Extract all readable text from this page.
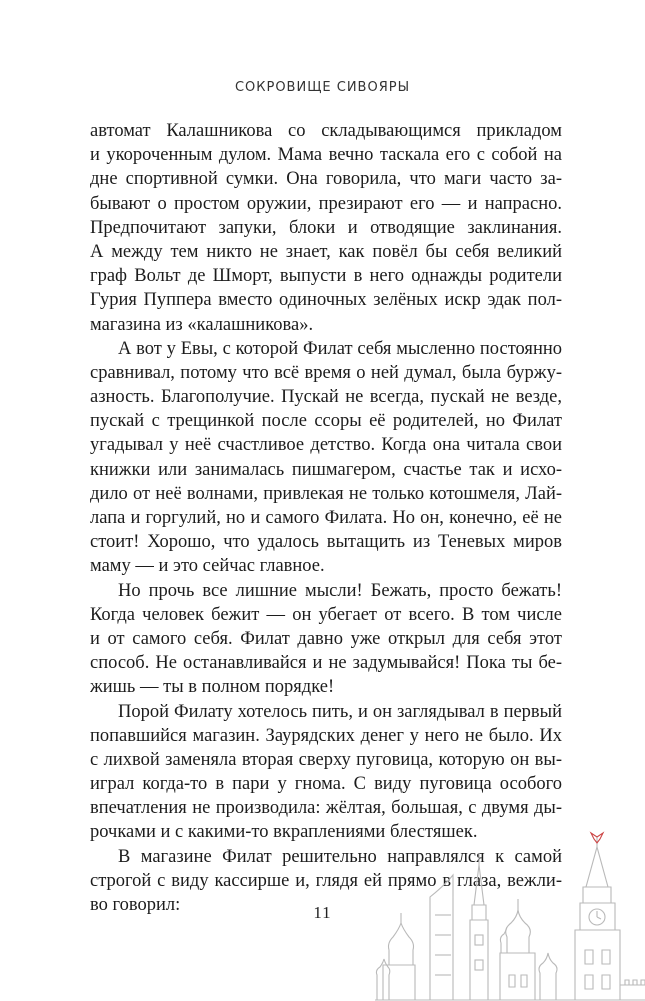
СОКРОВИЩЕ СИВОЯРЫ
автомат Калашникова со складывающимся прикладом
и укороченным дулом. Мама вечно таскала его с собой на
дне спортивной сумки. Она говорила, что маги часто за-
бывают о простом оружии, презирают его — и напрасно.
Предпочитают запуки, блоки и отводящие заклинания.
А между тем никто не знает, как повёл бы себя великий
граф Вольт де Шморт, выпусти в него однажды родители
Гурия Пуппера вместо одиночных зелёных искр эдак пол-
магазина из «калашникова».
А вот у Евы, с которой Филат себя мысленно постоянно
сравнивал, потому что всё время о ней думал, была буржу-
азность. Благополучие. Пускай не всегда, пускай не везде,
пускай с трещинкой после ссоры её родителей, но Филат
угадывал у неё счастливое детство. Когда она читала свои
книжки или занималась пишмагером, счастье так и исхо-
дило от неё волнами, привлекая не только котошмеля, Лай-
лапа и горгулий, но и самого Филата. Но он, конечно, её не
стоит! Хорошо, что удалось вытащить из Теневых миров
маму — и это сейчас главное.
Но прочь все лишние мысли! Бежать, просто бежать!
Когда человек бежит — он убегает от всего. В том числе
и от самого себя. Филат давно уже открыл для себя этот
способ. Не останавливайся и не задумывайся! Пока ты бе-
жишь — ты в полном порядке!
Порой Филату хотелось пить, и он заглядывал в первый
попавшийся магазин. Заурядских денег у него не было. Их
с лихвой заменяла вторая сверху пуговица, которую он вы-
играл когда-то в пари у гнома. С виду пуговица особого
впечатления не производила: жёлтая, большая, с двумя ды-
рочками и с какими-то вкраплениями блестяшек.
В магазине Филат решительно направлялся к самой
строгой с виду кассирше и, глядя ей прямо в глаза, вежли-
во говорил:	11
